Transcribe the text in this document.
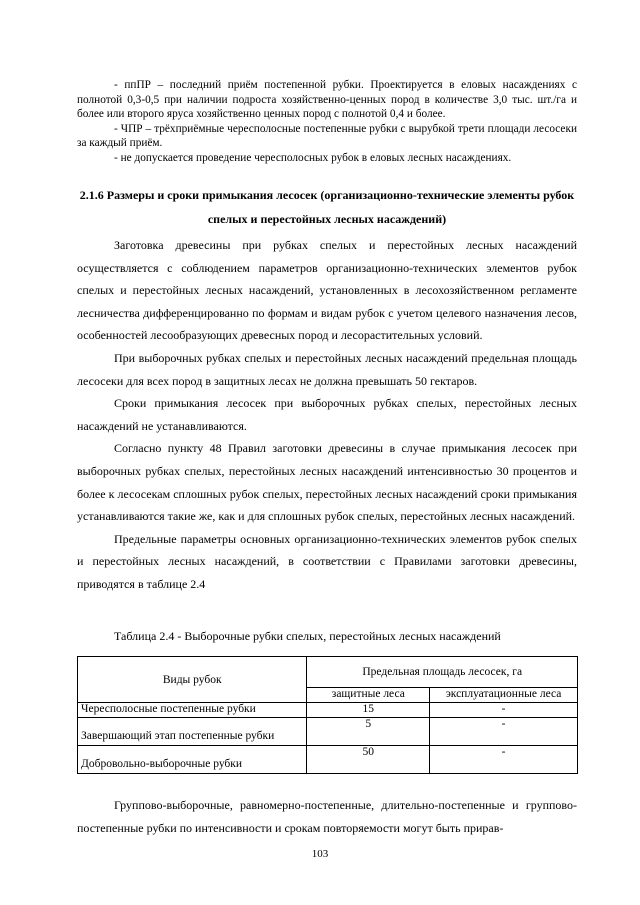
- ппПР – последний приём постепенной рубки. Проектируется в еловых насаждениях с полнотой 0,3-0,5 при наличии подроста хозяйственно-ценных пород в количестве 3,0 тыс. шт./га и более или второго яруса хозяйственно ценных пород с полнотой 0,4 и более.

- ЧПР – трёхприёмные чересполосные постепенные рубки с вырубкой трети площади лесосеки за каждый приём.

- не допускается проведение чересполосных рубок в еловых лесных насаждениях.

2.1.6 Размеры и сроки примыкания лесосек (организационно-технические элементы рубок спелых и перестойных лесных насаждений)

Заготовка древесины при рубках спелых и перестойных лесных насаждений осуществляется с соблюдением параметров организационно-технических элементов рубок спелых и перестойных лесных насаждений, установленных в лесохозяйственном регламенте лесничества дифференцированно по формам и видам рубок с учетом целевого назначения лесов, особенностей лесообразующих древесных пород и лесорастительных условий.

При выборочных рубках спелых и перестойных лесных насаждений предельная площадь лесосеки для всех пород в защитных лесах не должна превышать 50 гектаров.

Сроки примыкания лесосек при выборочных рубках спелых, перестойных лесных насаждений не устанавливаются.

Согласно пункту 48 Правил заготовки древесины в случае примыкания лесосек при выборочных рубках спелых, перестойных лесных насаждений интенсивностью 30 процентов и более к лесосекам сплошных рубок спелых, перестойных лесных насаждений сроки примыкания устанавливаются такие же, как и для сплошных рубок спелых, перестойных лесных насаждений.

Предельные параметры основных организационно-технических элементов рубок спелых и перестойных лесных насаждений, в соответствии с Правилами заготовки древесины, приводятся в таблице 2.4

Таблица 2.4 - Выборочные рубки спелых, перестойных лесных насаждений
Виды рубок	Предельная площадь лесосек, га	
	защитные леса	эксплуатационные леса
Чересполосные постепенные рубки	15	-
Завершающий этап постепенные рубки	5	-
Добровольно-выборочные рубки	50	-

Группово-выборочные, равномерно-постепенные, длительно-постепенные и группово-постепенные рубки по интенсивности и срокам повторяемости могут быть прирав-

103
